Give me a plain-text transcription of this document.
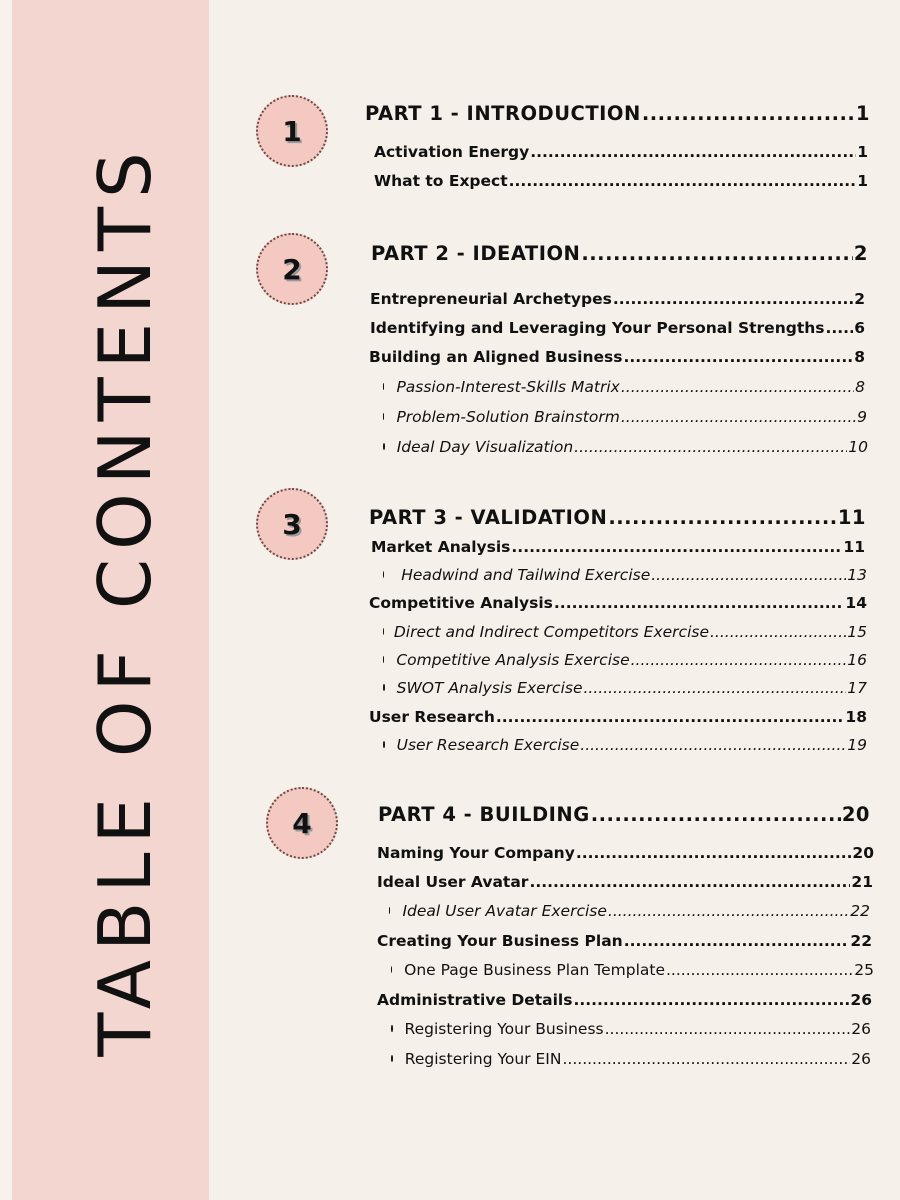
TABLE OF CONTENTS
1
PART 1 - INTRODUCTION .....	1
Activation Energy .....	1
What to Expect .....	1
2	PART 2 - IDEATION .....	2
Entrepreneurial Archetypes .....	2
Identifying and Leveraging Your Personal Strengths ..... 6
Building an Aligned Business .....	8
Passion-Interest-Skills Matrix .....	8
Problem-Solution Brainstorm .....	9
Ideal Day Visualization .....	10
3	PART 3 - VALIDATION .....	11
Market Analysis .....	11
Headwind and Tailwind Exercise .....	13
Competitive Analysis .....	14
Direct and Indirect Competitors Exercise .....	15
Competitive Analysis Exercise .....	16
SWOT Analysis Exercise .....	17
User Research .....	18
User Research Exercise .....	19
4	PART 4 - BUILDING .....	20
Naming Your Company .....	20
Ideal User Avatar .....	21
Ideal User Avatar Exercise .....	22
Creating Your Business Plan .....	22
One Page Business Plan Template .....	25
Administrative Details .....	26
Registering Your Business .....	26
Registering Your EIN .....	26
